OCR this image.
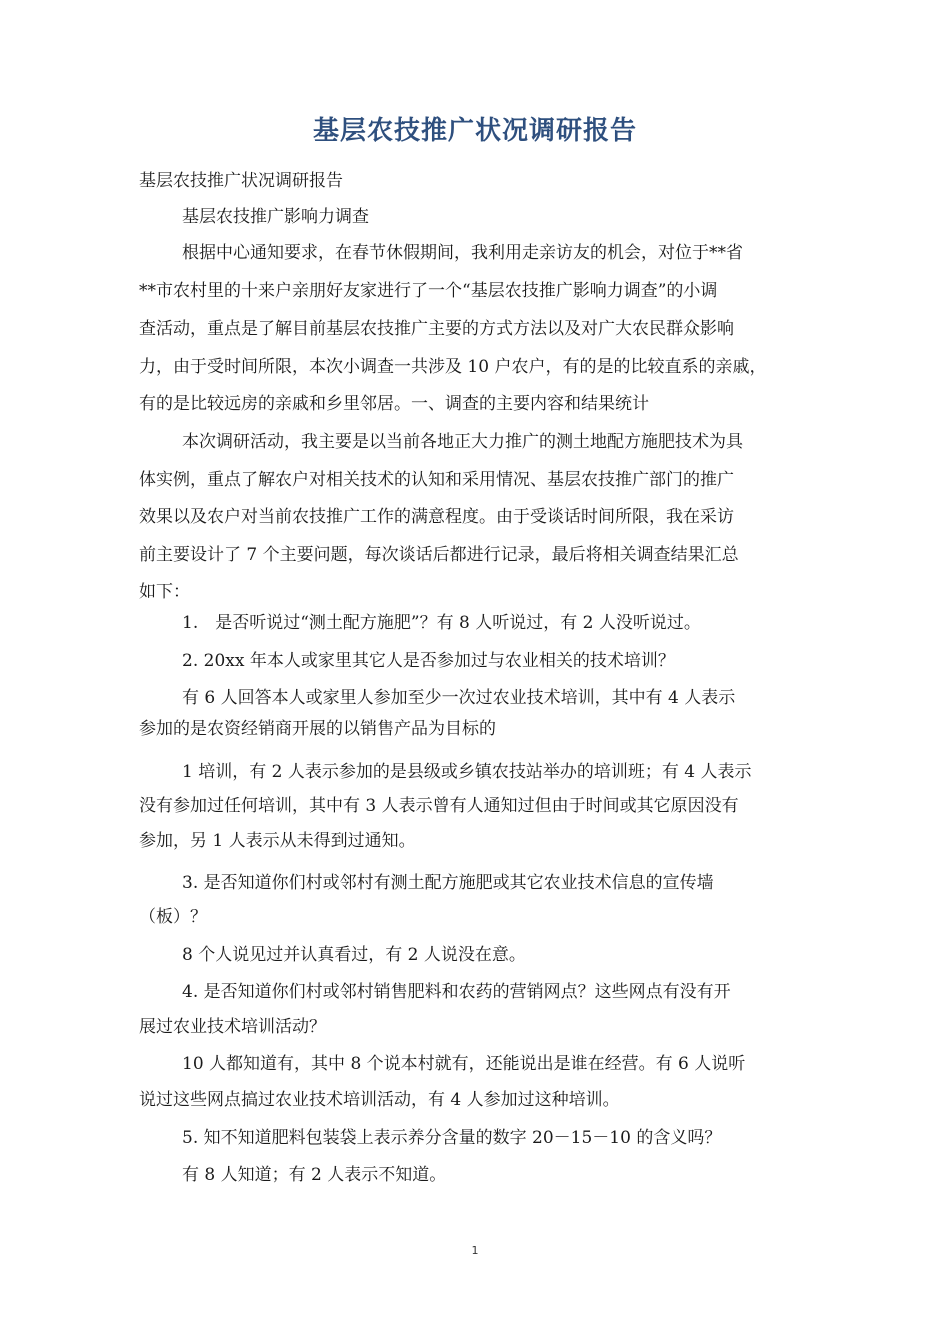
基层农技推广状况调研报告

基层农技推广状况调研报告

基层农技推广影响力调查

根据中心通知要求，在春节休假期间，我利用走亲访友的机会，对位于**省

**市农村里的十来户亲朋好友家进行了一个“基层农技推广影响力调查”的小调

查活动，重点是了解目前基层农技推广主要的方式方法以及对广大农民群众影响

力，由于受时间所限，本次小调查一共涉及 10 户农户，有的是的比较直系的亲戚，

有的是比较远房的亲戚和乡里邻居。一、调查的主要内容和结果统计

本次调研活动，我主要是以当前各地正大力推广的测土地配方施肥技术为具

体实例，重点了解农户对相关技术的认知和采用情况、基层农技推广部门的推广

效果以及农户对当前农技推广工作的满意程度。由于受谈话时间所限，我在采访

前主要设计了 7 个主要问题，每次谈话后都进行记录，最后将相关调查结果汇总

如下：

1.　是否听说过“测土配方施肥”？有 8 人听说过，有 2 人没听说过。

2. 20xx 年本人或家里其它人是否参加过与农业相关的技术培训？

有 6 人回答本人或家里人参加至少一次过农业技术培训，其中有 4 人表示

参加的是农资经销商开展的以销售产品为目标的

1 培训，有 2 人表示参加的是县级或乡镇农技站举办的培训班；有 4 人表示

没有参加过任何培训，其中有 3 人表示曾有人通知过但由于时间或其它原因没有

参加，另 1 人表示从未得到过通知。

3. 是否知道你们村或邻村有测土配方施肥或其它农业技术信息的宣传墙

（板）？

8 个人说见过并认真看过，有 2 人说没在意。

4. 是否知道你们村或邻村销售肥料和农药的营销网点？这些网点有没有开

展过农业技术培训活动？

10 人都知道有，其中 8 个说本村就有，还能说出是谁在经营。有 6 人说听

说过这些网点搞过农业技术培训活动，有 4 人参加过这种培训。

5. 知不知道肥料包装袋上表示养分含量的数字 20－15－10 的含义吗？

有 8 人知道；有 2 人表示不知道。

1
